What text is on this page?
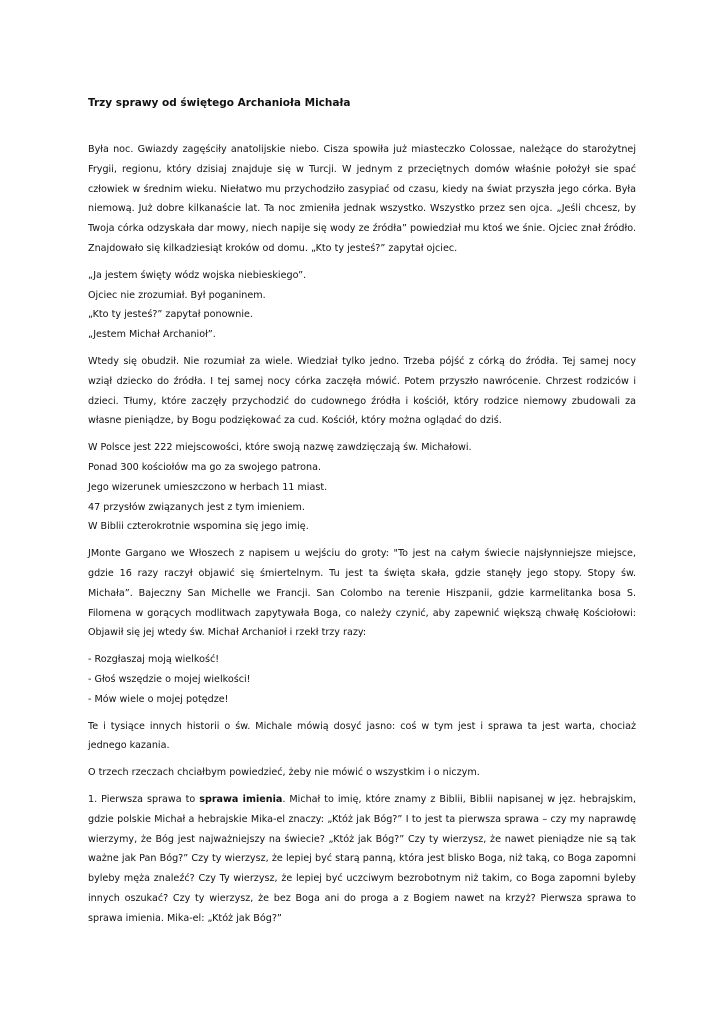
Trzy sprawy od świętego Archanioła Michała

Była noc. Gwiazdy zagęściły anatolijskie niebo. Cisza spowiła już miasteczko Colossae, należące do starożytnej Frygii, regionu, który dzisiaj znajduje się w Turcji. W jednym z przeciętnych domów właśnie położył sie spać człowiek w średnim wieku. Niełatwo mu przychodziło zasypiać od czasu, kiedy na świat przyszła jego córka. Była niemową. Już dobre kilkanaście lat. Ta noc zmieniła jednak wszystko. Wszystko przez sen ojca. „Jeśli chcesz, by Twoja córka odzyskała dar mowy, niech napije się wody ze źródła” powiedział mu ktoś we śnie. Ojciec znał źródło. Znajdowało się kilkadziesiąt kroków od domu. „Kto ty jesteś?” zapytał ojciec.

„Ja jestem święty wódz wojska niebieskiego”.

Ojciec nie zrozumiał. Był poganinem.

„Kto ty jesteś?” zapytał ponownie.

„Jestem Michał Archanioł”.

Wtedy się obudził. Nie rozumiał za wiele. Wiedział tylko jedno. Trzeba pójść z córką do źródła. Tej samej nocy wziął dziecko do źródła. I tej samej nocy córka zaczęła mówić. Potem przyszło nawrócenie. Chrzest rodziców i dzieci. Tłumy, które zaczęły przychodzić do cudownego źródła i kościół, który rodzice niemowy zbudowali za własne pieniądze, by Bogu podziękować za cud. Kościół, który można oglądać do dziś.

W Polsce jest 222 miejscowości, które swoją nazwę zawdzięczają św. Michałowi.

Ponad 300 kościołów ma go za swojego patrona.

Jego wizerunek umieszczono w herbach 11 miast.

47 przysłów związanych jest z tym imieniem.

W Biblii czterokrotnie wspomina się jego imię.

JMonte Gargano we Włoszech z napisem u wejściu do groty: "To jest na całym świecie najsłynniejsze miejsce, gdzie 16 razy raczył objawić się śmiertelnym. Tu jest ta święta skała, gdzie stanęły jego stopy. Stopy św. Michała”. Bajeczny San Michelle we Francji. San Colombo na terenie Hiszpanii, gdzie karmelitanka bosa S. Filomena w gorących modlitwach zapytywała Boga, co należy czynić, aby zapewnić większą chwałę Kościołowi: Objawił się jej wtedy św. Michał Archanioł i rzekł trzy razy:

- Rozgłaszaj moją wielkość!

- Głoś wszędzie o mojej wielkości!

- Mów wiele o mojej potędze!

Te i tysiące innych historii o św. Michale mówią dosyć jasno: coś w tym jest i sprawa ta jest warta, chociaż jednego kazania.

O trzech rzeczach chciałbym powiedzieć, żeby nie mówić o wszystkim i o niczym.

1. Pierwsza sprawa to sprawa imienia. Michał to imię, które znamy z Biblii, Biblii napisanej w jęz. hebrajskim, gdzie polskie Michał a hebrajskie Mika-el znaczy: „Któż jak Bóg?” I to jest ta pierwsza sprawa – czy my naprawdę wierzymy, że Bóg jest najważniejszy na świecie? „Któż jak Bóg?” Czy ty wierzysz, że nawet pieniądze nie są tak ważne jak Pan Bóg?” Czy ty wierzysz, że lepiej być starą panną, która jest blisko Boga, niż taką, co Boga zapomni byleby męża znaleźć? Czy Ty wierzysz, że lepiej być uczciwym bezrobotnym niż takim, co Boga zapomni byleby innych oszukać? Czy ty wierzysz, że bez Boga ani do proga a z Bogiem nawet na krzyż? Pierwsza sprawa to sprawa imienia. Mika-el: „Któż jak Bóg?”
